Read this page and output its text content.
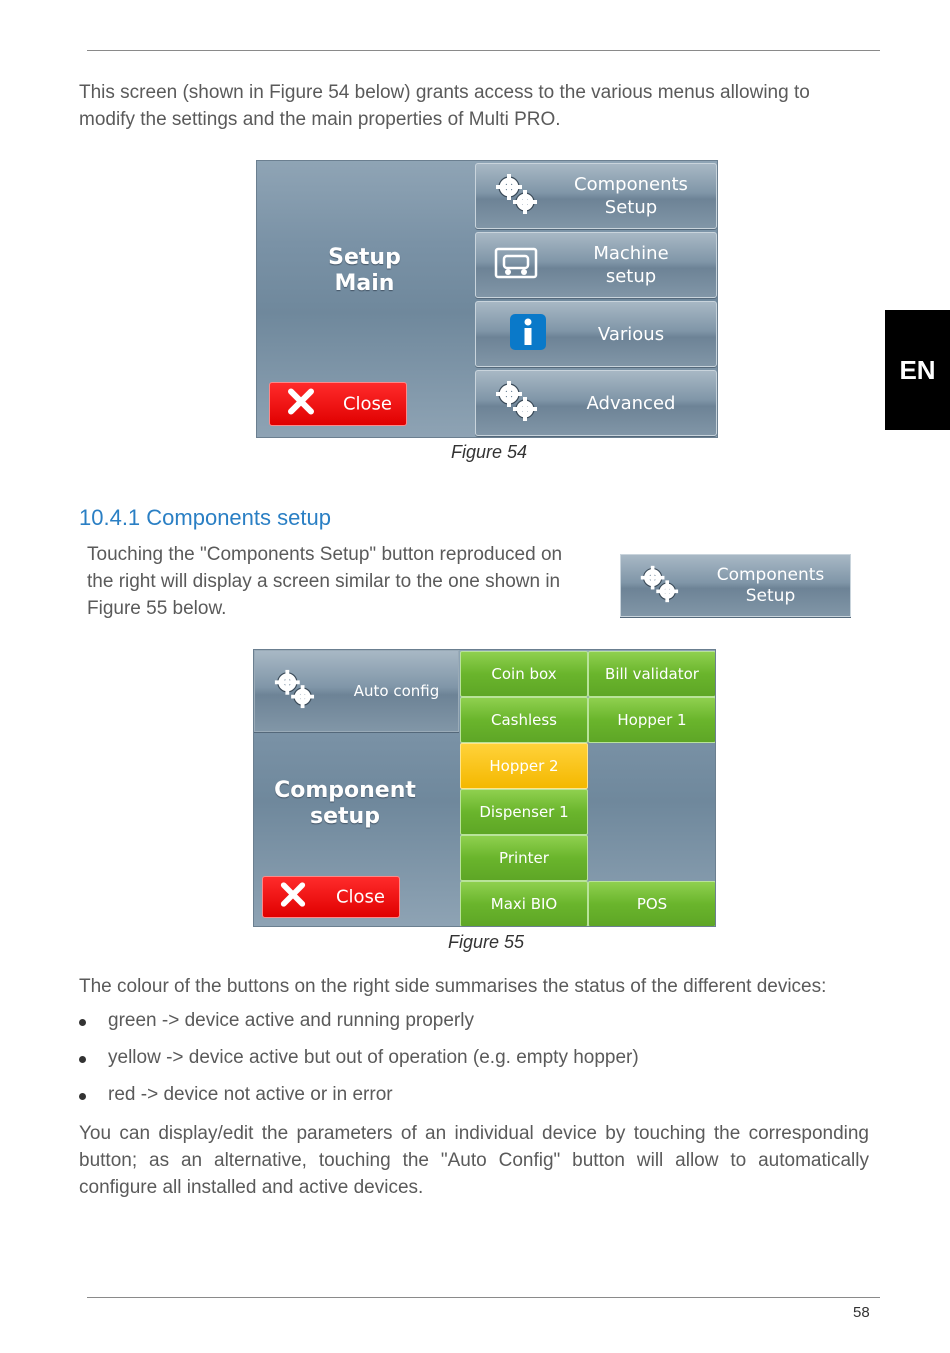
This screen (shown in Figure 54 below) grants access to the various menus allowing to modify the settings and the main properties of Multi PRO.
EN
Setup
Main
Components
Setup
Machine
setup
Various
Advanced
Close
Figure 54
10.4.1 Components setup
Touching the "Components Setup" button reproduced on the right will display a screen similar to the one shown in Figure 55 below.
Components
Setup
Auto config
Component
setup
Close
Coin box	Bill validator
Cashless	Hopper 1
Hopper 2
Dispenser 1
Printer
Maxi BIO	POS
Figure 55
The colour of the buttons on the right side summarises the status of the different devices:
green -> device active and running properly
yellow -> device active but out of operation (e.g. empty hopper)
red -> device not active or in error
You can display/edit the parameters of an individual device by touching the corresponding button; as an alternative, touching the "Auto Config" button will allow to automatically configure all installed and active devices.
58
